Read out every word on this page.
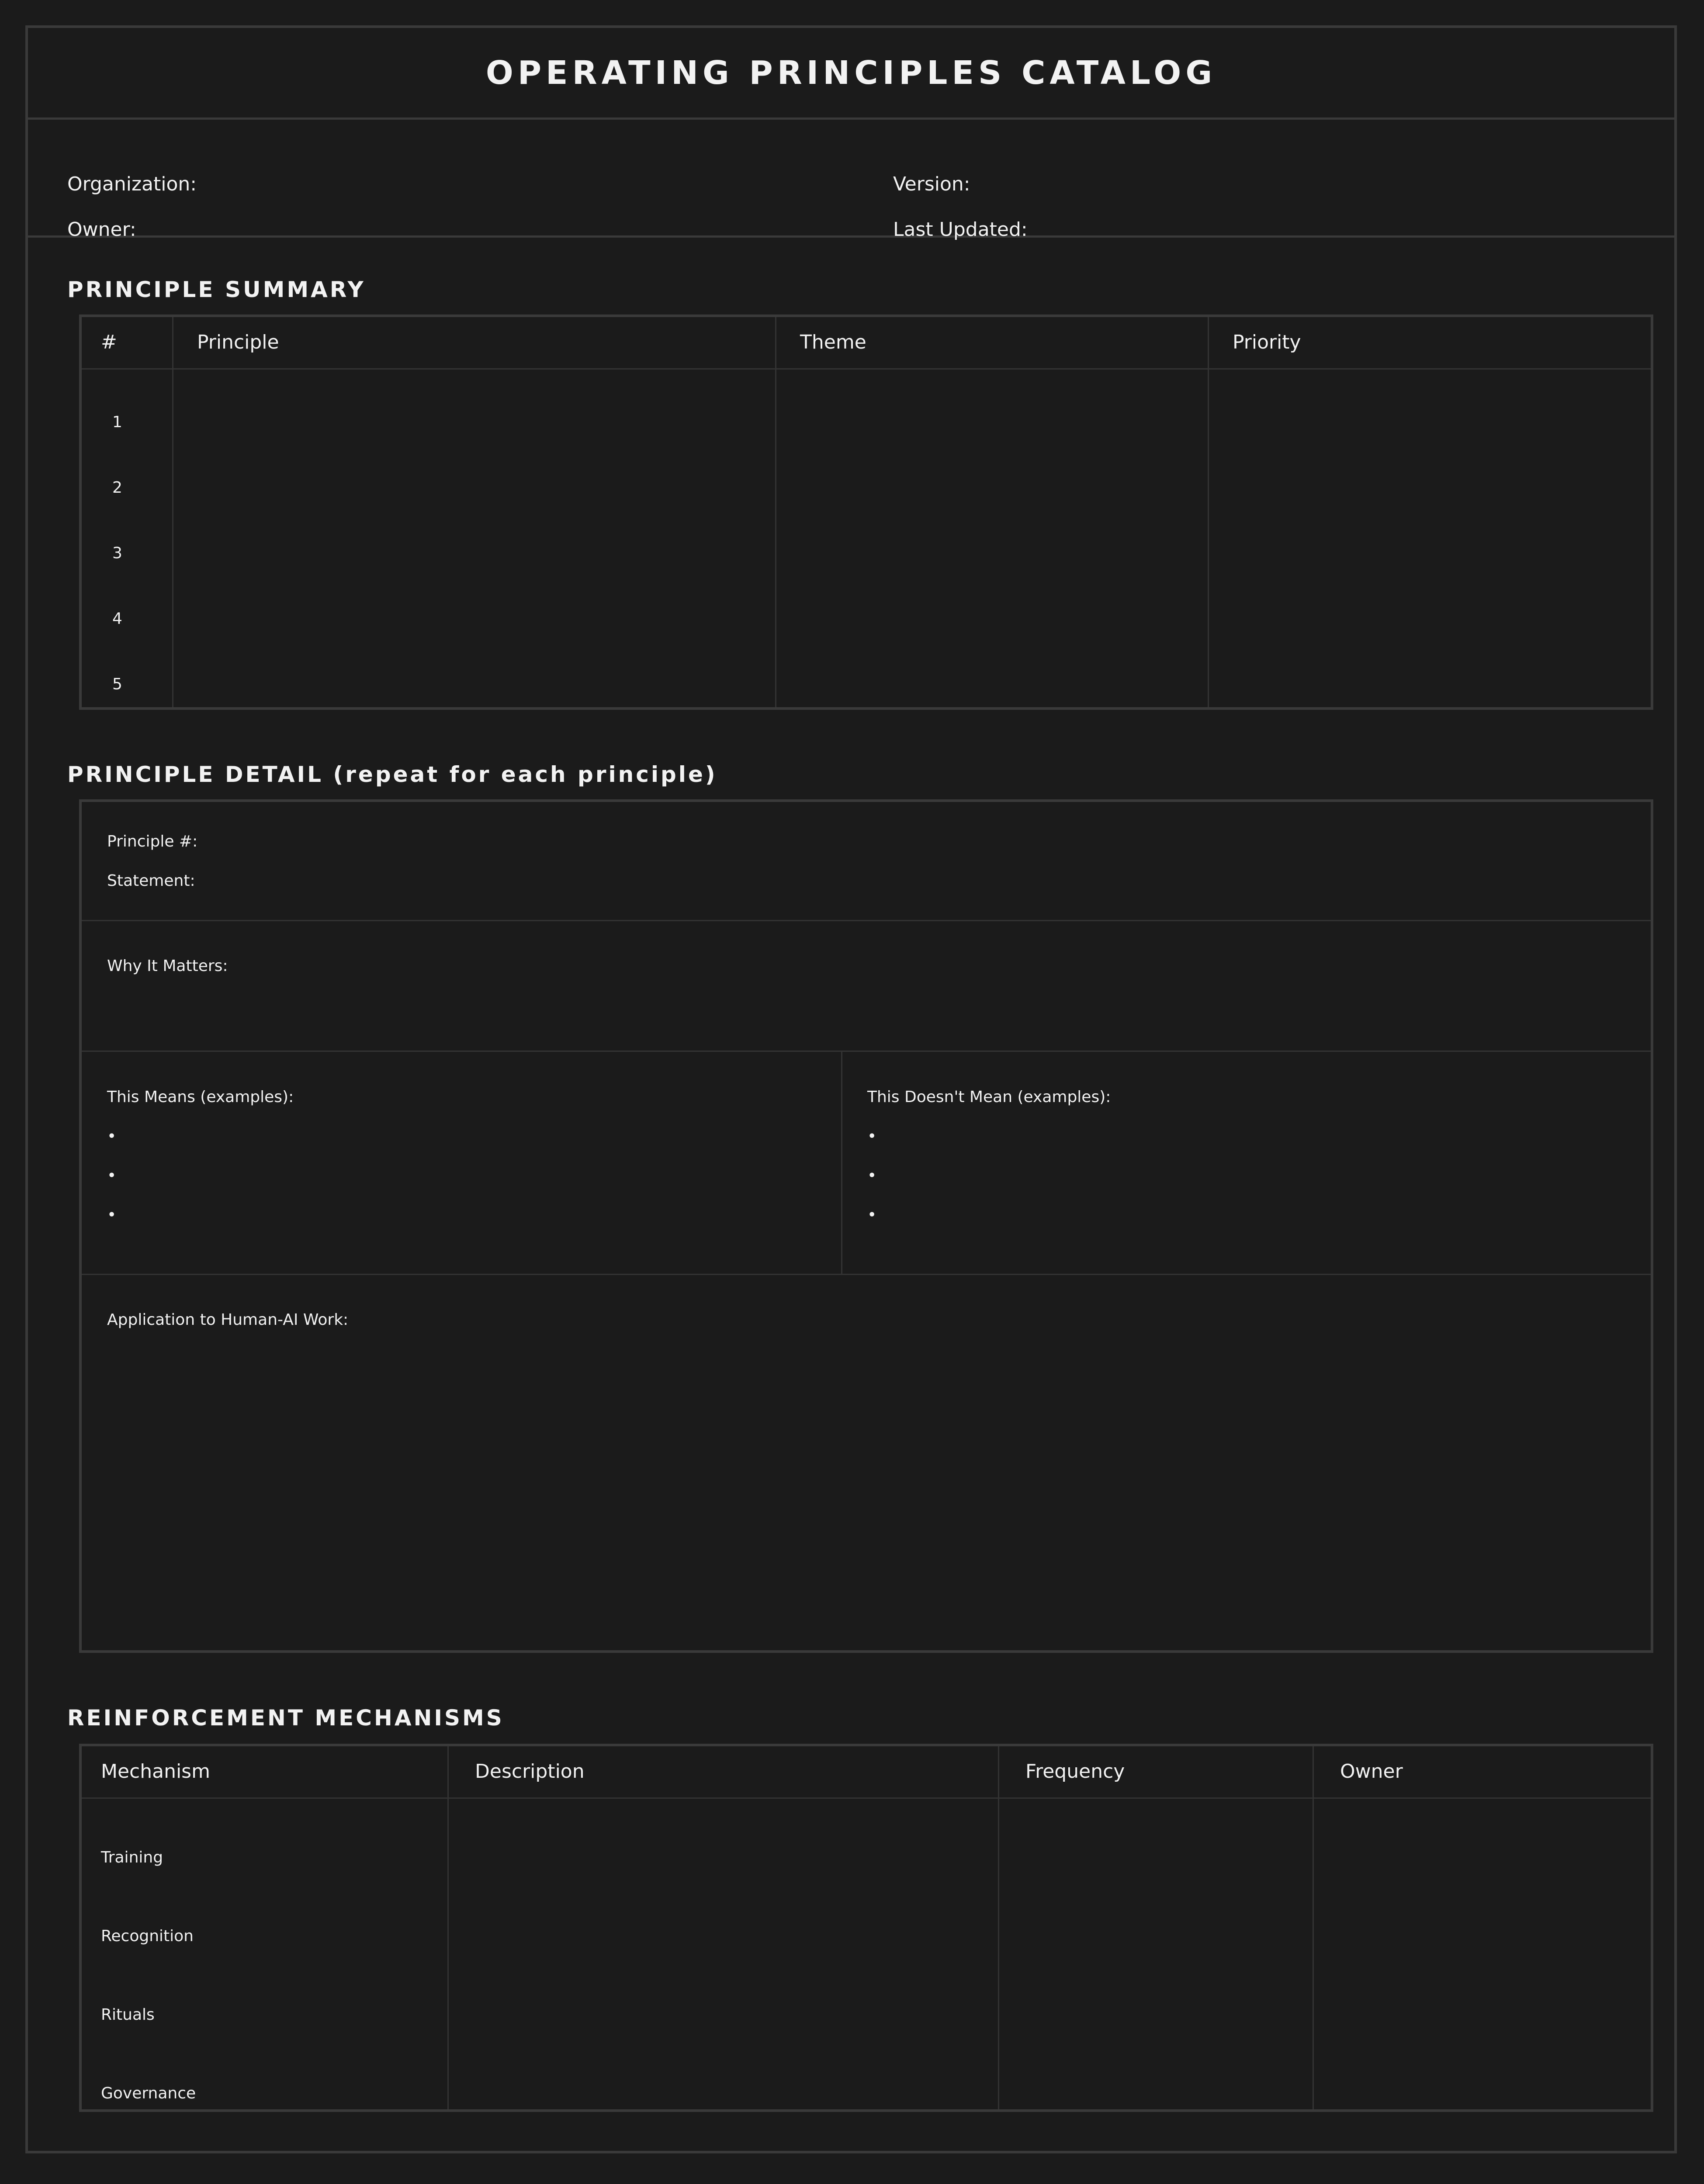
OPERATING PRINCIPLES CATALOG
Organization:	Version:
Owner:	Last Updated:
PRINCIPLE SUMMARY
#	Principle	Theme	Priority
1
2
3
4
5
PRINCIPLE DETAIL (repeat for each principle)
Principle #:
Statement:
Why It Matters:
This Means (examples):
•
•
•
This Doesn't Mean (examples):
•
•
•
Application to Human-AI Work:
REINFORCEMENT MECHANISMS
Mechanism	Description	Frequency	Owner
Training
Recognition
Rituals
Governance
